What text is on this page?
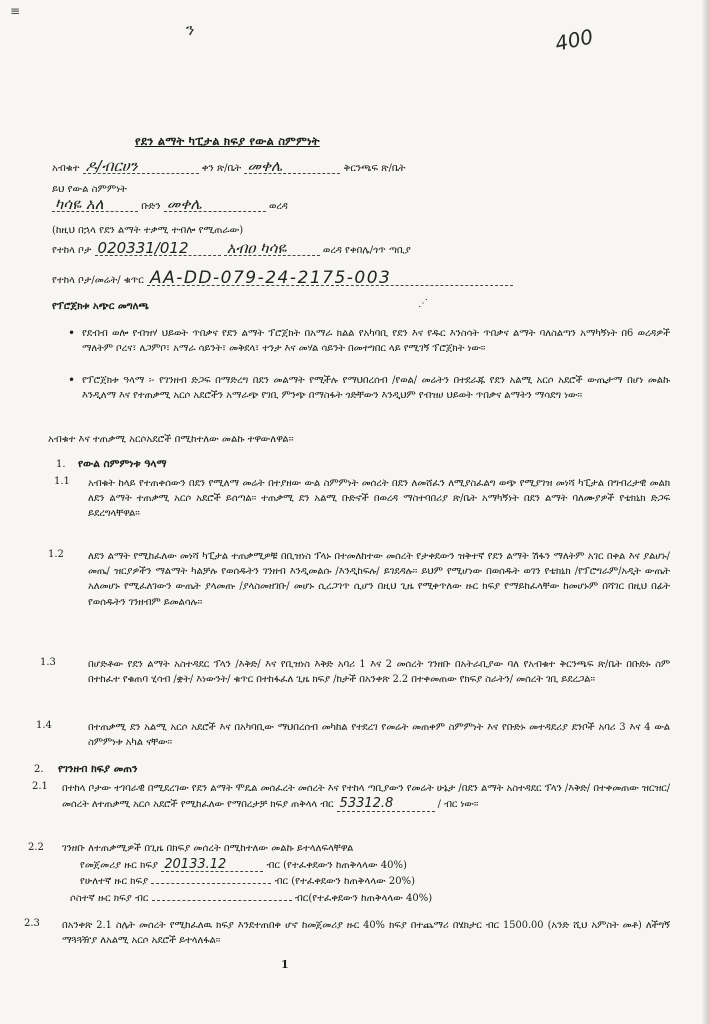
≡
ን	400
የደን ልማት ካፒታል ክፍያ የውል ስምምነት
አብቁተ ዶ/ብርሀን	ቀን ጽ/ቤት መቀሌ	ቅርንጫፍ ጽ/ቤት
ይህ የውል ስምምነት
ካሳዬ አለ	ቡድን መቀሌ	ወረዳ
(ከዚህ በኋላ የደን ልማት ተቃሚ ተብሎ የሚጠራው)
የተከላ ቦታ 020331/012	አብዐ ካሳዬ	ወረዳ የቀበሌ/ጎጥ ጣቢያ
የተከላ ቦታ/መሬት/ ቁጥር AA-DD-079-24-2175-003
የፕሮጀክቱ አጭር መግለጫ	⋰
• የደብብ ወሎ የብዝሃ ህይወት ጥበቃና የደን ልማት ፕሮጀክት በአማራ ክልል የአካባቢ የደን እና የዱር እንስሳት ጥበቃና ልማት ባለስልጣን አማካኝነት በ6 ወረዳዎች ማለትም ቦረና፣ ለጋምቦ፣ አማራ ሳይንት፣ መቅደላ፣ ተንታ እና መሃል ሳይንት በመተግበር ላይ የሚገኝ ፕሮጀክት ነው፡፡
• የፕሮጀክቱ ዓላማ ፡- የገንዘብ ድጋፍ በማድረግ በደን መልማት የሚችሉ የማህበረሰብ /የወል/ መሬትን በተደራጁ የደን አልሚ አርሶ አደሮች ውጤታማ በሆነ መልኩ እንዲለማ እና የተጠቃሚ አርሶ አደሮችን አማራጭ የገቢ ምንጭ በማስፋት ጎድቸውን እንዲህም የብዝሀ ህይወት ጥበቃና ልማትን ማሳደግ ነው፡፡
አብቁተ እና ተጠቃሚ አርሶአደሮች በሚከተለው መልኩ ተዋውለዋል፡፡
1. የውል ስምምነቱ ዓላማ
1.1 አብቁት ከላይ የተጠቀሰውን በደን የሚለማ መሬት በተያዘው ውል ስምምነት መሰረት በደን ለመሸፈን ለሚያስፈልግ ወጭ የሚያገዝ መነሻ ካፒታል በግብረታዊ መልክ ለደን ልማት ተጠቃሚ አርሶ አደሮች ይሰጣል፡፡ ተጠቃሚ ደን አልሚ ቡድኖች በወረዳ ማስተባበሪያ ጽ/ቤት አማካኝነት በደን ልማት ባለሙያዎች የቴክኒክ ድጋፍ ይደረግላቸዋል፡፡
1.2 ለደን ልማት የሚከፈለው መነሻ ካፒታል ተጠቃሚዎቹ በቢዝነስ ፕላኑ በተመለከተው መሰረት የታቀደውን ዝቅተኛ የደን ልማት ሽፋን ማለትም አገር በቀል እና ያልሆኑ/መጤ/ ዝርያዎችን ማልማት ካልቻሉ የወሰዱትን ገንዘብ እንዲመልሱ /እንዲከፍሉ/ ይገደዳሉ፡፡ ይህም የሚሆነው በወሰዱት ወገን የቴክኒክ /የፕሮግራም/አዲት ውጤት አለመሆኑ የሚፈለገውን ውጤት ያላመጡ /ያላስመዘገቡ/ መሆኑ ሲረጋገጥ ሲሆን በዚህ ጊዜ የሚቀጥለው ዙር ክፍያ የማይከፈላቸው ከመሆኑም በሻገር በዚህ በፊት የወሰዱትን ገንዘብም ይመልሳሉ፡፡
1.3	በሆድቶው የደን ልማት አስተዳደር ፕላን /እቅድ/ እና የቢዝነስ እቅድ አባሪ 1 እና 2 መሰረት ገንዘቡ በአትራቢያው ባለ የአብቁተ ቅርንጫፍ ጽ/ቤት በቡድኑ ስም በተከፈተ የቁጠባ ሂሳብ /ቋት/ እነውንት/ ቁጥር በተከፋፈለ ጊዜ ክፍያ /ከታች በአንቀጽ 2.2 በተቀመጠው የክፍያ ስራትን/ መሰረት ገቢ ይደረጋል፡፡
1.4	በተጠቃሚ ደን አልሚ አርሶ አደሮች እና በአካባቢው ማህበረሰብ መካከል የተደረገ የመሬት መጠቀም ስምምነት እና የቡድኑ መተዳደሪያ ደንቦች አባሪ 3 እና 4 ውል ስምምነቱ አካል ናቸው፡፡
2. የገንዘብ ክፍያ መጠን
2.1 በተከላ ቦታው ተገባራዊ በሚደረገው የደን ልማት ሞዴል መሰፈረት መሰረት እና የተከላ ጣቢያውን የመሬት ሁኔታ /በደን ልማት አስተዳደር ፕላን /እቅድ/ በተቀመጠው ዝርዝር/ መሰረት ለተጠቃሚ አርሶ አደሮች የሚከፈለው የማበረታቻ ክፍያ ጠቅላላ ብር 53312.8	/ ብር ነው፡፡
2.2 ገንዘቡ ለተጠቃሚዎች በጊዜ በክፍያ መሰረት በሚከተለው መልኩ ይተላለፍላቸዋል
የመጀመሪያ ዙር ክፍያ 20133.12	ብር (የተፈቀደውን ከጠቅላላው 40%)
የሁለተኛ ዙር ክፍያ	ብር (የተፈቀደውን ከጠቅላላው 20%)
ሶስተኛ ዙር ክፍያ ብር	ብር(የተፈቀደውን ከጠቅላላው 40%)
2.3 በአንቀጽ 2.1 ስሌት መሰረት የሚከፈለዉ ክፍያ እንደተጠበቀ ሆኖ ከመጀመሪያ ዙር 40% ክፍያ በተጨማሪ በሄክታር ብር 1500.00 (አንድ ሺህ አምስት መቶ) ለችግኝ ማጓጓዥያ ለአልሚ አርሶ አደሮች ይተላለፋል፡፡
1
